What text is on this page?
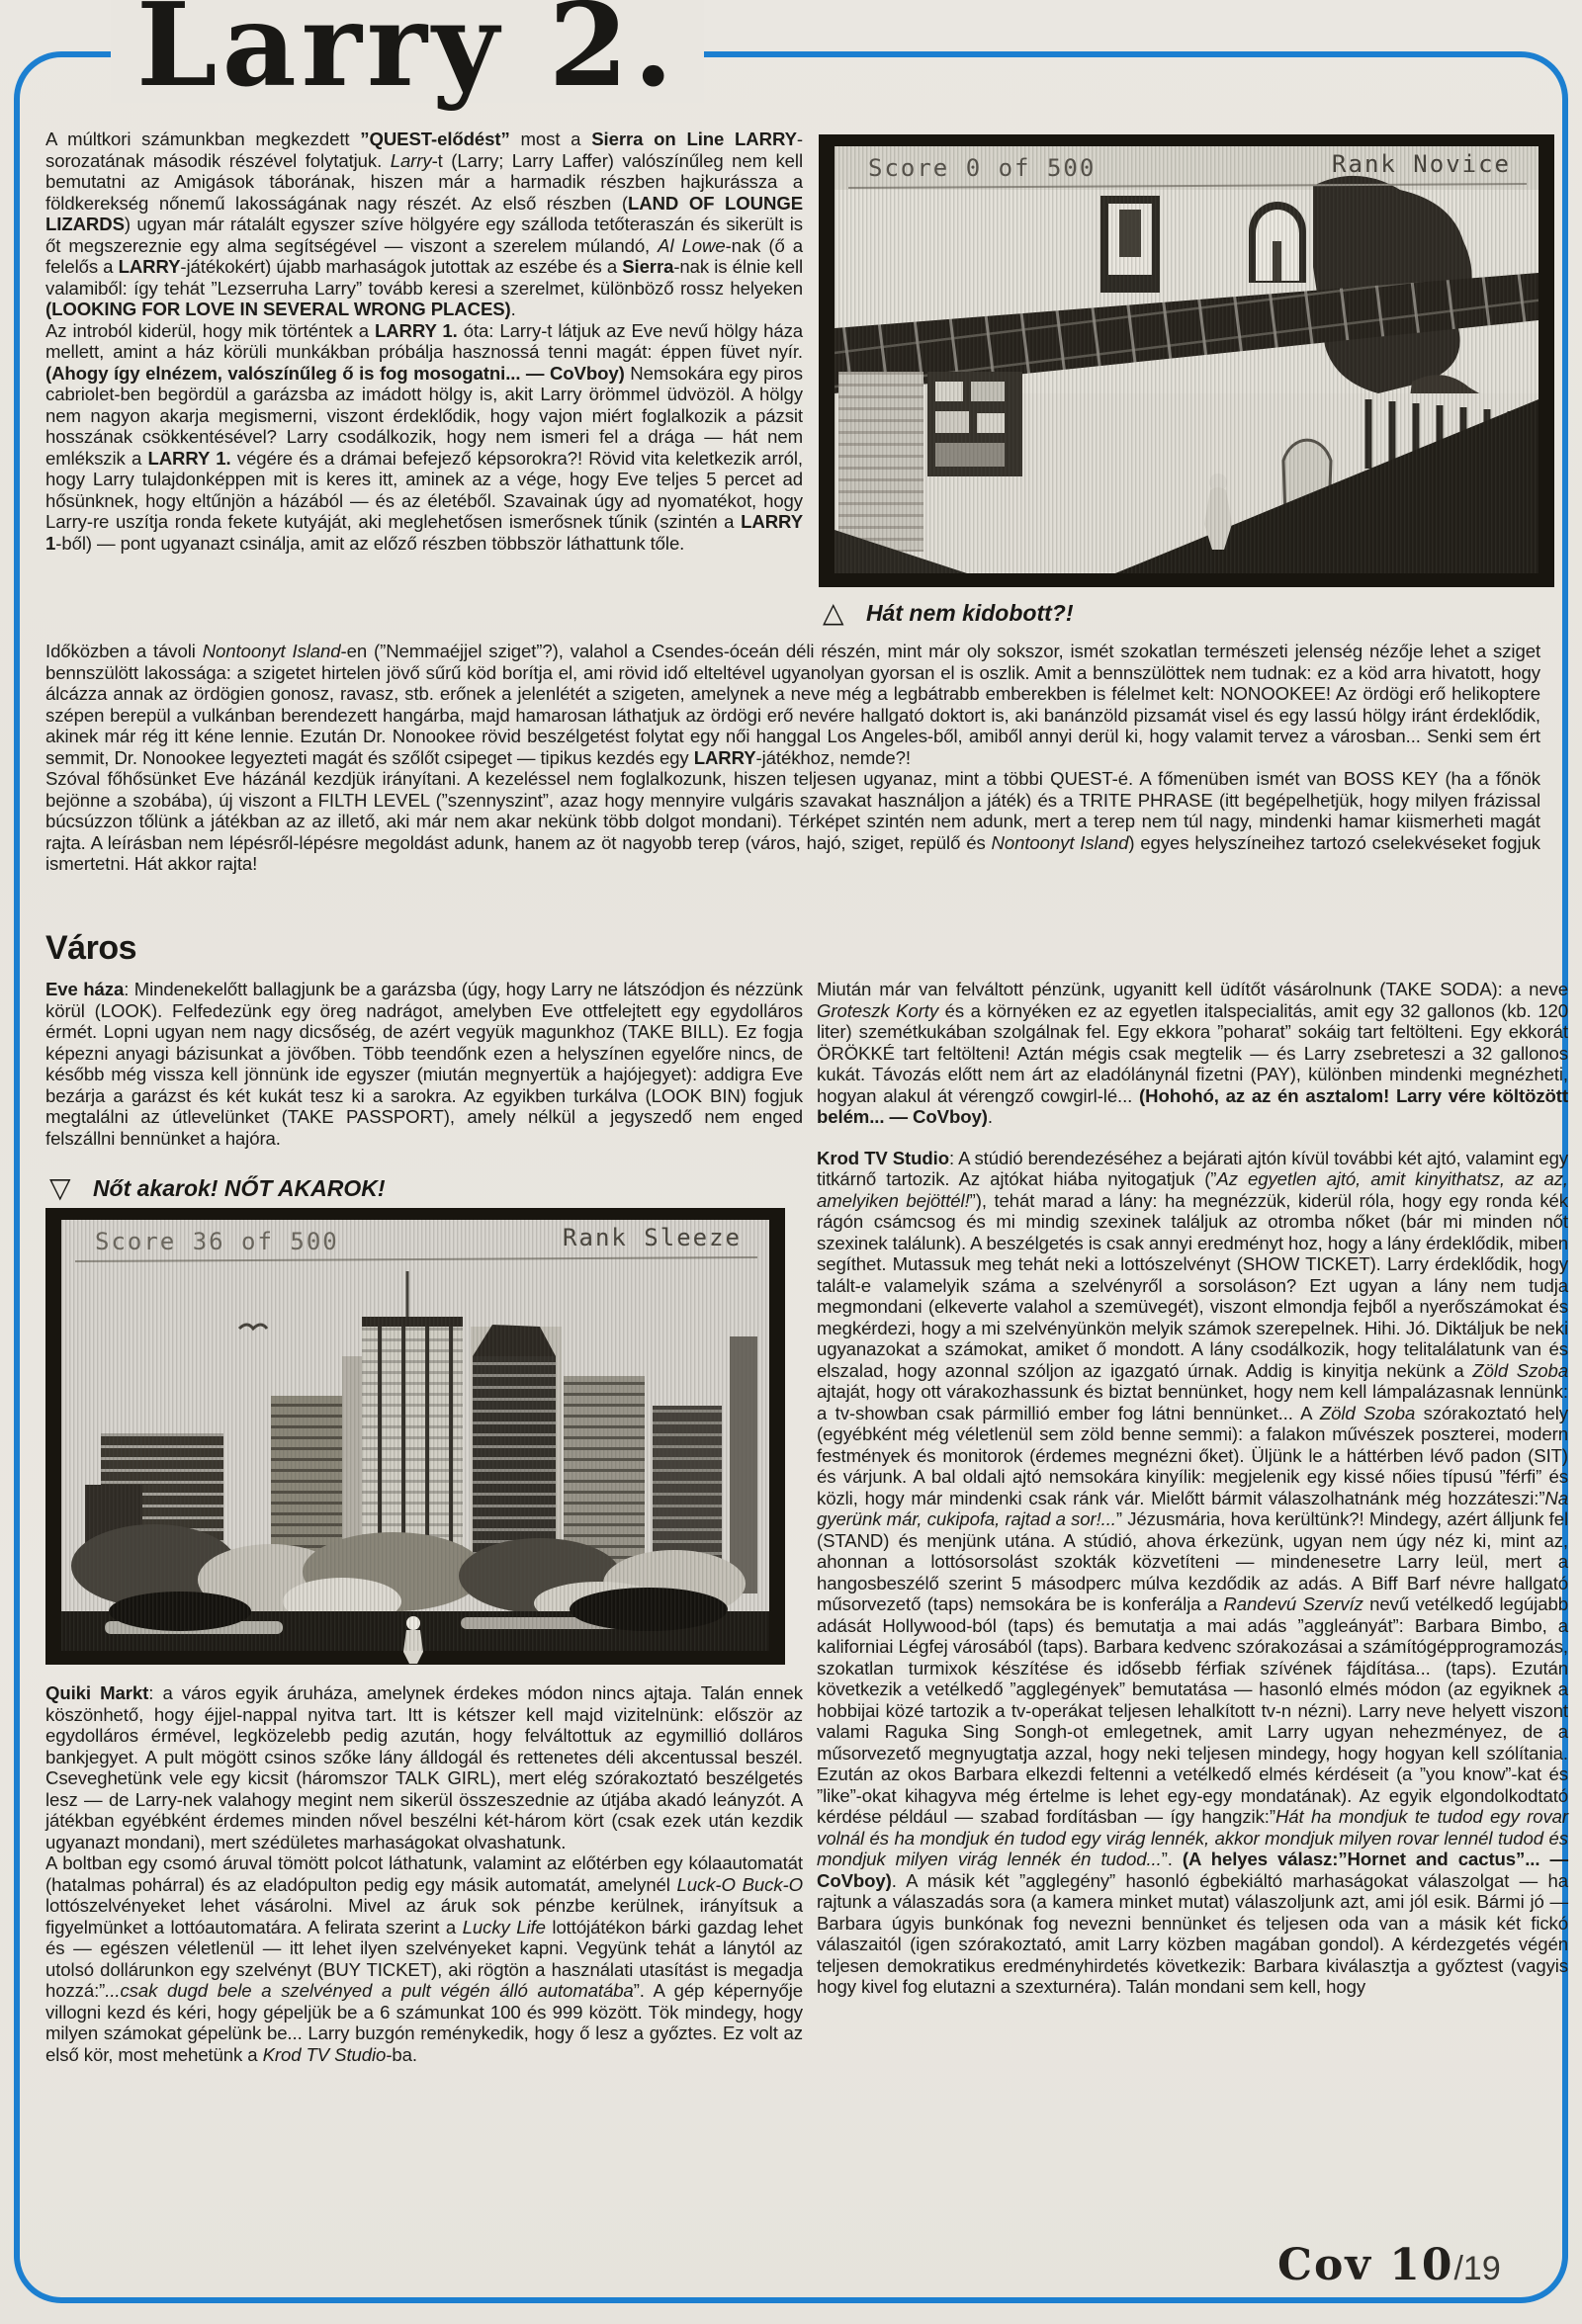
Larry 2.

A múltkori számunkban megkezdett ”QUEST-elődést” most a Sierra on Line LARRY-sorozatának második részével folytatjuk. Larry-t (Larry; Larry Laffer) valószínűleg nem kell bemutatni az Amigások táborának, hiszen már a harmadik részben hajkurássza a földkerekség nőnemű lakosságának nagy részét. Az első részben (LAND OF LOUNGE LIZARDS) ugyan már rátalált egyszer szíve hölgyére egy szálloda tetőteraszán és sikerült is őt megszereznie egy alma segítségével — viszont a szerelem múlandó, Al Lowe-nak (ő a felelős a LARRY-játékokért) újabb marhaságok jutottak az eszébe és a Sierra-nak is élnie kell valamiből: így tehát ”Lezserruha Larry” tovább keresi a szerelmet, különböző rossz helyeken (LOOKING FOR LOVE IN SEVERAL WRONG PLACES).

Az introból kiderül, hogy mik történtek a LARRY 1. óta: Larry-t látjuk az Eve nevű hölgy háza mellett, amint a ház körüli munkákban próbálja hasznossá tenni magát: éppen füvet nyír. (Ahogy így elnézem, valószínűleg ő is fog mosogatni... — CoVboy) Nemsokára egy piros cabriolet-ben begördül a garázsba az imádott hölgy is, akit Larry örömmel üdvözöl. A hölgy nem nagyon akarja megismerni, viszont érdeklődik, hogy vajon miért foglalkozik a pázsit hosszának csökkentésével? Larry csodálkozik, hogy nem ismeri fel a drága — hát nem emlékszik a LARRY 1. végére és a drámai befejező képsorokra?! Rövid vita keletkezik arról, hogy Larry tulajdonképpen mit is keres itt, aminek az a vége, hogy Eve teljes 5 percet ad hősünknek, hogy eltűnjön a házából — és az életéből. Szavainak úgy ad nyomatékot, hogy Larry-re uszítja ronda fekete kutyáját, aki meglehetősen ismerősnek tűnik (szintén a LARRY 1-ből) — pont ugyanazt csinálja, amit az előző részben többször láthattunk tőle.

△ Hát nem kidobott?!

Időközben a távoli Nontoonyt Island-en (”Nemmaéjjel sziget”?), valahol a Csendes-óceán déli részén, mint már oly sokszor, ismét szokatlan természeti jelenség nézője lehet a sziget bennszülött lakossága: a szigetet hirtelen jövő sűrű köd borítja el, ami rövid idő elteltével ugyanolyan gyorsan el is oszlik. Amit a bennszülöttek nem tudnak: ez a köd arra hivatott, hogy álcázza annak az ördögien gonosz, ravasz, stb. erőnek a jelenlétét a szigeten, amelynek a neve még a legbátrabb emberekben is félelmet kelt: NONOOKEE! Az ördögi erő helikoptere szépen berepül a vulkánban berendezett hangárba, majd hamarosan láthatjuk az ördögi erő nevére hallgató doktort is, aki banánzöld pizsamát visel és egy lassú hölgy iránt érdeklődik, akinek már rég itt kéne lennie. Ezután Dr. Nonookee rövid beszélgetést folytat egy női hanggal Los Angeles-ből, amiből annyi derül ki, hogy valamit tervez a városban... Senki sem ért semmit, Dr. Nonookee legyezteti magát és szőlőt csipeget — tipikus kezdés egy LARRY-játékhoz, nemde?!

Szóval főhősünket Eve házánál kezdjük irányítani. A kezeléssel nem foglalkozunk, hiszen teljesen ugyanaz, mint a többi QUEST-é. A főmenüben ismét van BOSS KEY (ha a főnök bejönne a szobába), új viszont a FILTH LEVEL (”szennyszint”, azaz hogy mennyire vulgáris szavakat használjon a játék) és a TRITE PHRASE (itt begépelhetjük, hogy milyen frázissal búcsúzzon tőlünk a játékban az az illető, aki már nem akar nekünk több dolgot mondani). Térképet szintén nem adunk, mert a terep nem túl nagy, mindenki hamar kiismerheti magát rajta. A leírásban nem lépésről-lépésre megoldást adunk, hanem az öt nagyobb terep (város, hajó, sziget, repülő és Nontoonyt Island) egyes helyszíneihez tartozó cselekvéseket fogjuk ismertetni. Hát akkor rajta!

Város

Eve háza: Mindenekelőtt ballagjunk be a garázsba (úgy, hogy Larry ne látszódjon és nézzünk körül (LOOK). Felfedezünk egy öreg nadrágot, amelyben Eve ottfelejtett egy egydolláros érmét. Lopni ugyan nem nagy dicsőség, de azért vegyük magunkhoz (TAKE BILL). Ez fogja képezni anyagi bázisunkat a jövőben. Több teendőnk ezen a helyszínen egyelőre nincs, de később még vissza kell jönnünk ide egyszer (miután megnyertük a hajójegyet): addigra Eve bezárja a garázst és két kukát tesz ki a sarokra. Az egyikben turkálva (LOOK BIN) fogjuk megtalálni az útlevelünket (TAKE PASSPORT), amely nélkül a jegyszedő nem enged felszállni bennünket a hajóra.

▽ Nőt akarok! NŐT AKAROK!

Quiki Markt: a város egyik áruháza, amelynek érdekes módon nincs ajtaja. Talán ennek köszönhető, hogy éjjel-nappal nyitva tart. Itt is kétszer kell majd vizitelnünk: először az egydolláros érmével, legközelebb pedig azután, hogy felváltottuk az egymillió dolláros bankjegyet. A pult mögött csinos szőke lány álldogál és rettenetes déli akcentussal beszél. Cseveghetünk vele egy kicsit (háromszor TALK GIRL), mert elég szórakoztató beszélgetés lesz — de Larry-nek valahogy megint nem sikerül összeszednie az útjába akadó leányzót. A játékban egyébként érdemes minden nővel beszélni két-három kört (csak ezek után kezdik ugyanazt mondani), mert szédületes marhaságokat olvashatunk.

A boltban egy csomó áruval tömött polcot láthatunk, valamint az előtérben egy kólaautomatát (hatalmas pohárral) és az eladópulton pedig egy másik automatát, amelynél Luck-O Buck-O lottószelvényeket lehet vásárolni. Mivel az áruk sok pénzbe kerülnek, irányítsuk a figyelmünket a lottóautomatára. A felirata szerint a Lucky Life lottójátékon bárki gazdag lehet és — egészen véletlenül — itt lehet ilyen szelvényeket kapni. Vegyünk tehát a lánytól az utolsó dollárunkon egy szelvényt (BUY TICKET), aki rögtön a használati utasítást is megadja hozzá:”...csak dugd bele a szelvényed a pult végén álló automatába”. A gép képernyője villogni kezd és kéri, hogy gépeljük be a 6 számunkat 100 és 999 között. Tök mindegy, hogy milyen számokat gépelünk be... Larry buzgón reménykedik, hogy ő lesz a győztes. Ez volt az első kör, most mehetünk a Krod TV Studio-ba.

Miután már van felváltott pénzünk, ugyanitt kell üdítőt vásárolnunk (TAKE SODA): a neve Groteszk Korty és a környéken ez az egyetlen italspecialitás, amit egy 32 gallonos (kb. 120 liter) szemétkukában szolgálnak fel. Egy ekkora ”poharat” sokáig tart feltölteni. Egy ekkorát ÖRÖKKÉ tart feltölteni! Aztán mégis csak megtelik — és Larry zsebreteszi a 32 gallonos kukát. Távozás előtt nem árt az eladólánynál fizetni (PAY), különben mindenki megnézheti, hogyan alakul át vérengző cowgirl-lé... (Hohohó, az az én asztalom! Larry vére költözött belém... — CoVboy).

Krod TV Studio: A stúdió berendezéséhez a bejárati ajtón kívül további két ajtó, valamint egy titkárnő tartozik. Az ajtókat hiába nyitogatjuk (”Az egyetlen ajtó, amit kinyithatsz, az az, amelyiken bejöttél!”), tehát marad a lány: ha megnézzük, kiderül róla, hogy egy ronda kék rágón csámcsog és mi mindig szexinek találjuk az otromba nőket (bár mi minden nőt szexinek találunk). A beszélgetés is csak annyi eredményt hoz, hogy a lány érdeklődik, miben segíthet. Mutassuk meg tehát neki a lottószelvényt (SHOW TICKET). Larry érdeklődik, hogy talált-e valamelyik száma a szelvényről a sorsoláson? Ezt ugyan a lány nem tudja megmondani (elkeverte valahol a szemüvegét), viszont elmondja fejből a nyerőszámokat és megkérdezi, hogy a mi szelvényünkön melyik számok szerepelnek. Hihi. Jó. Diktáljuk be neki ugyanazokat a számokat, amiket ő mondott. A lány csodálkozik, hogy telitalálatunk van és elszalad, hogy azonnal szóljon az igazgató úrnak. Addig is kinyitja nekünk a Zöld Szoba ajtaját, hogy ott várakozhassunk és biztat bennünket, hogy nem kell lámpalázasnak lennünk: a tv-showban csak pármillió ember fog látni bennünket... A Zöld Szoba szórakoztató hely (egyébként még véletlenül sem zöld benne semmi): a falakon művészek poszterei, modern festmények és monitorok (érdemes megnézni őket). Üljünk le a háttérben lévő padon (SIT) és várjunk. A bal oldali ajtó nemsokára kinyílik: megjelenik egy kissé nőies típusú ”férfi” és közli, hogy már mindenki csak ránk vár. Mielőtt bármit válaszolhatnánk még hozzáteszi:”Na gyerünk már, cukipofa, rajtad a sor!...” Jézusmária, hova kerültünk?! Mindegy, azért álljunk fel (STAND) és menjünk utána. A stúdió, ahova érkezünk, ugyan nem úgy néz ki, mint az, ahonnan a lottósorsolást szokták közvetíteni — mindenesetre Larry leül, mert a hangosbeszélő szerint 5 másodperc múlva kezdődik az adás. A Biff Barf névre hallgató műsorvezető (taps) nemsokára be is konferálja a Randevú Szervíz nevű vetélkedő legújabb adását Hollywood-ból (taps) és bemutatja a mai adás ”aggleányát”: Barbara Bimbo, a kaliforniai Légfej városából (taps). Barbara kedvenc szórakozásai a számítógépprogramozás, szokatlan turmixok készítése és idősebb férfiak szívének fájdítása... (taps). Ezután következik a vetélkedő ”agglegények” bemutatása — hasonló elmés módon (az egyiknek a hobbijai közé tartozik a tv-operákat teljesen lehalkított tv-n nézni). Larry neve helyett viszont valami Raguka Sing Songh-ot emlegetnek, amit Larry ugyan nehezményez, de a műsorvezető megnyugtatja azzal, hogy neki teljesen mindegy, hogy hogyan kell szólítania. Ezután az okos Barbara elkezdi feltenni a vetélkedő elmés kérdéseit (a ”you know”-kat és ”like”-okat kihagyva még értelme is lehet egy-egy mondatának). Az egyik elgondolkodtató kérdése például — szabad fordításban — így hangzik:”Hát ha mondjuk te tudod egy rovar volnál és ha mondjuk én tudod egy virág lennék, akkor mondjuk milyen rovar lennél tudod és mondjuk milyen virág lennék én tudod...”. (A helyes válasz:”Hornet and cactus”... — CoVboy). A másik két ”agglegény” hasonló égbekiáltó marhaságokat válaszolgat — ha rajtunk a válaszadás sora (a kamera minket mutat) válaszoljunk azt, ami jól esik. Bármi jó — Barbara úgyis bunkónak fog nevezni bennünket és teljesen oda van a másik két fickó válaszaitól (igen szórakoztató, amit Larry közben magában gondol). A kérdezgetés végén teljesen demokratikus eredményhirdetés következik: Barbara kiválasztja a győztest (vagyis hogy kivel fog elutazni a szexturnéra). Talán mondani sem kell, hogy

Cov 10/19
